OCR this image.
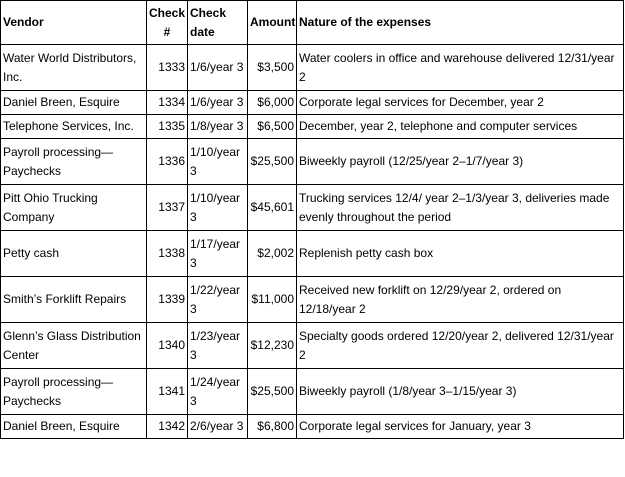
Vendor	Check #	Check date	Amount	Nature of the expenses
Water World Distributors, Inc.	1333	1/6/year 3	$3,500	Water coolers in office and warehouse delivered 12/31/year 2
Daniel Breen, Esquire	1334	1/6/year 3	$6,000	Corporate legal services for December, year 2
Telephone Services, Inc.	1335	1/8/year 3	$6,500	December, year 2, telephone and computer services
Payroll processing—Paychecks	1336	1/10/year 3	$25,500	Biweekly payroll (12/25/year 2–1/7/year 3)
Pitt Ohio Trucking Company	1337	1/10/year 3	$45,601	Trucking services 12/4/ year 2–1/3/year 3, deliveries made evenly throughout the period
Petty cash	1338	1/17/year 3	$2,002	Replenish petty cash box
Smith’s Forklift Repairs	1339	1/22/year 3	$11,000	Received new forklift on 12/29/year 2, ordered on 12/18/year 2
Glenn’s Glass Distribution Center	1340	1/23/year 3	$12,230	Specialty goods ordered 12/20/year 2, delivered 12/31/year 2
Payroll processing—Paychecks	1341	1/24/year 3	$25,500	Biweekly payroll (1/8/year 3–1/15/year 3)
Daniel Breen, Esquire	1342	2/6/year 3	$6,800	Corporate legal services for January, year 3
